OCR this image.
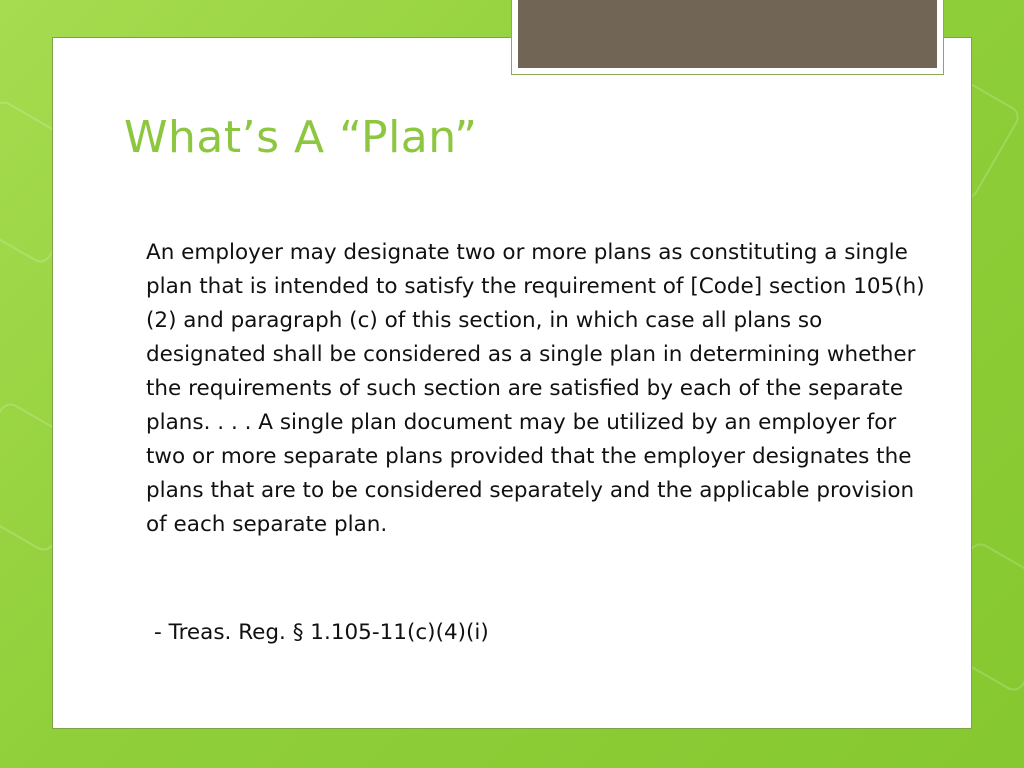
What’s A “Plan”

An employer may designate two or more plans as constituting a single plan that is intended to satisfy the requirement of [Code] section 105(h)(2) and paragraph (c) of this section, in which case all plans so designated shall be considered as a single plan in determining whether the requirements of such section are satisfied by each of the separate plans. . . . A single plan document may be utilized by an employer for two or more separate plans provided that the employer designates the plans that are to be considered separately and the applicable provision of each separate plan.

- Treas. Reg. § 1.105-11(c)(4)(i)
